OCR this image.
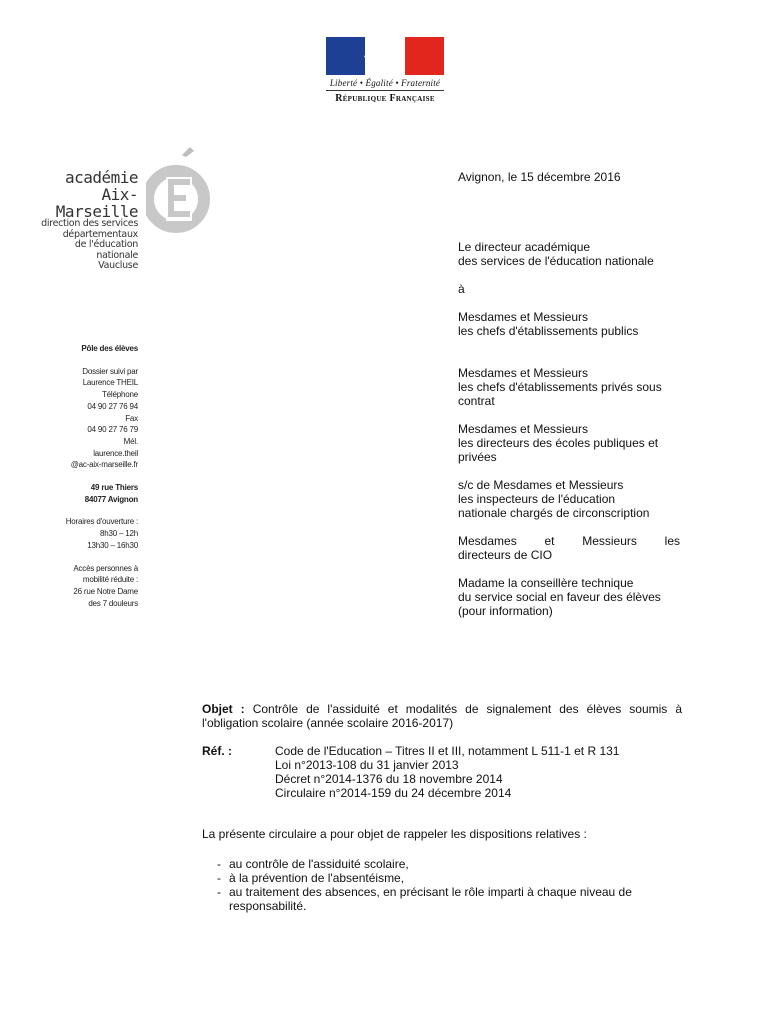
Liberté • Égalité • Fraternité
République Française
académie
Aix-Marseille
direction des services
départementaux
de l'éducation nationale
Vaucluse
Pôle des élèves
Dossier suivi par
Laurence THEIL
Téléphone
04 90 27 76 94
Fax
04 90 27 76 79
Mél.
laurence.theil
@ac-aix-marseille.fr
49 rue Thiers
84077 Avignon
Horaires d'ouverture :
8h30 – 12h
13h30 – 16h30
Accès personnes à
mobilité réduite :
26 rue Notre Dame
des 7 douleurs

Avignon, le 15 décembre 2016

Le directeur académique

des services de l'éducation nationale

à

Mesdames et Messieurs

les chefs d'établissements publics

Mesdames et Messieurs

les chefs d'établissements privés sous

contrat

Mesdames et Messieurs

les directeurs des écoles publiques et

privées

s/c de Mesdames et Messieurs

les inspecteurs de l'éducation

nationale chargés de circonscription

Mesdames et Messieurs les

directeurs de CIO

Madame la conseillère technique

du service social en faveur des élèves

(pour information)

Objet : Contrôle de l'assiduité et modalités de signalement des élèves soumis à l'obligation scolaire (année scolaire 2016-2017)

Réf. :	Code de l'Education – Titres II et III, notamment L 511-1 et R 131

Loi n°2013-108 du 31 janvier 2013

Décret n°2014-1376 du 18 novembre 2014

Circulaire n°2014-159 du 24 décembre 2014

La présente circulaire a pour objet de rappeler les dispositions relatives :

- au contrôle de l'assiduité scolaire,

- à la prévention de l'absentéisme,

- au traitement des absences, en précisant le rôle imparti à chaque niveau de responsabilité.
